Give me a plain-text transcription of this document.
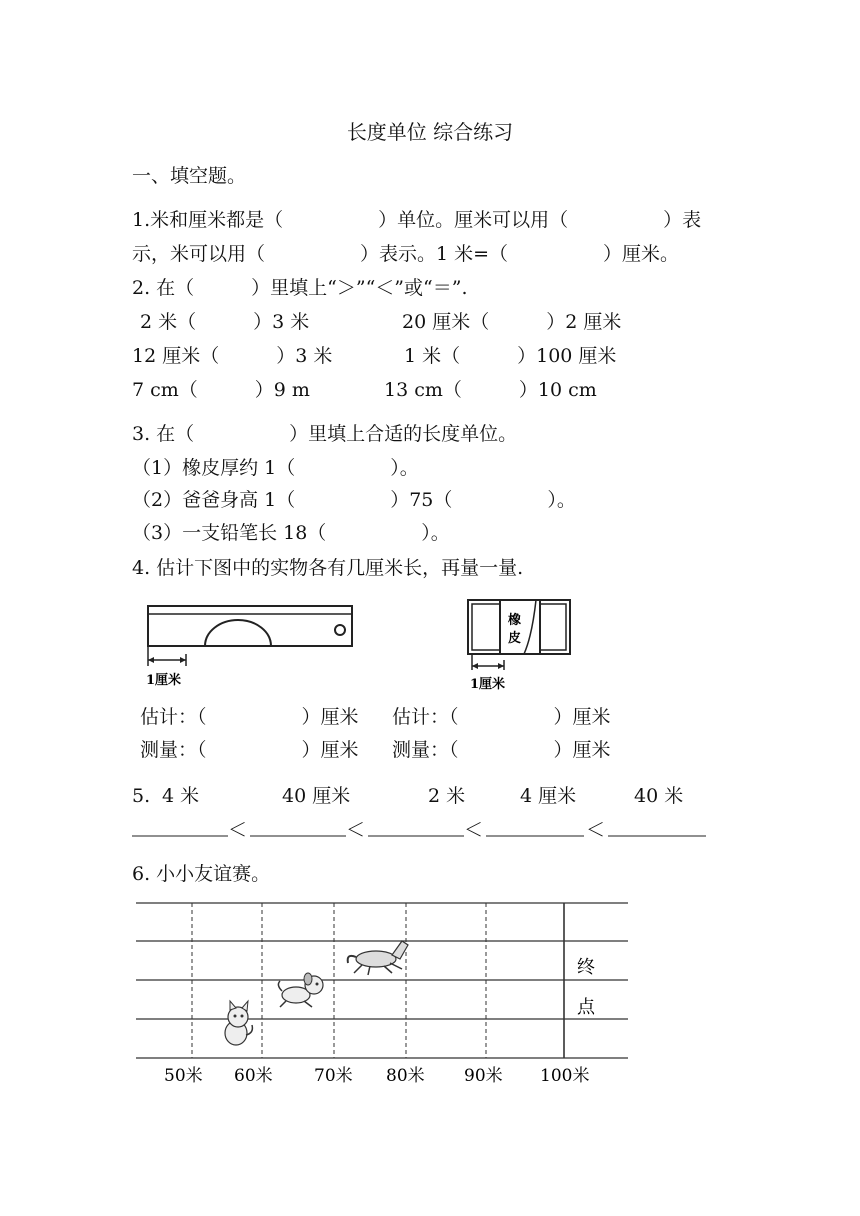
长度单位 综合练习
一、填空题。
1.米和厘米都是（　　　　　）单位。厘米可以用（　　　　　）表
示，米可以用（　　　　　）表示。1 米=（　　　　　）厘米。
2. 在（　　　）里填上“＞”“＜”或“＝”.
2 米（　　　）3 米	20 厘米（　　　）2 厘米
12 厘米（　　　）3 米	1 米（　　　）100 厘米
7 cm（　　　）9 m	13 cm（　　　）10 cm
3. 在（　　　　　）里填上合适的长度单位。
（1）橡皮厚约 1（　　　　　）。
（2）爸爸身高 1（　　　　　）75（　　　　　）。
（3）一支铅笔长 18（　　　　　）。
4. 估计下图中的实物各有几厘米长，再量一量.
1厘米
橡
皮
1厘米
估计：（　　　　　）厘米 估计：（　　　　　）厘米
测量：（　　　　　）厘米 测量：（　　　　　）厘米
5. 4 米	40 厘米	2 米	4 厘米	40 米
＜	＜	＜	＜
6. 小小友谊赛。
终
点
50米 60米 70米 80米 90米 100米
